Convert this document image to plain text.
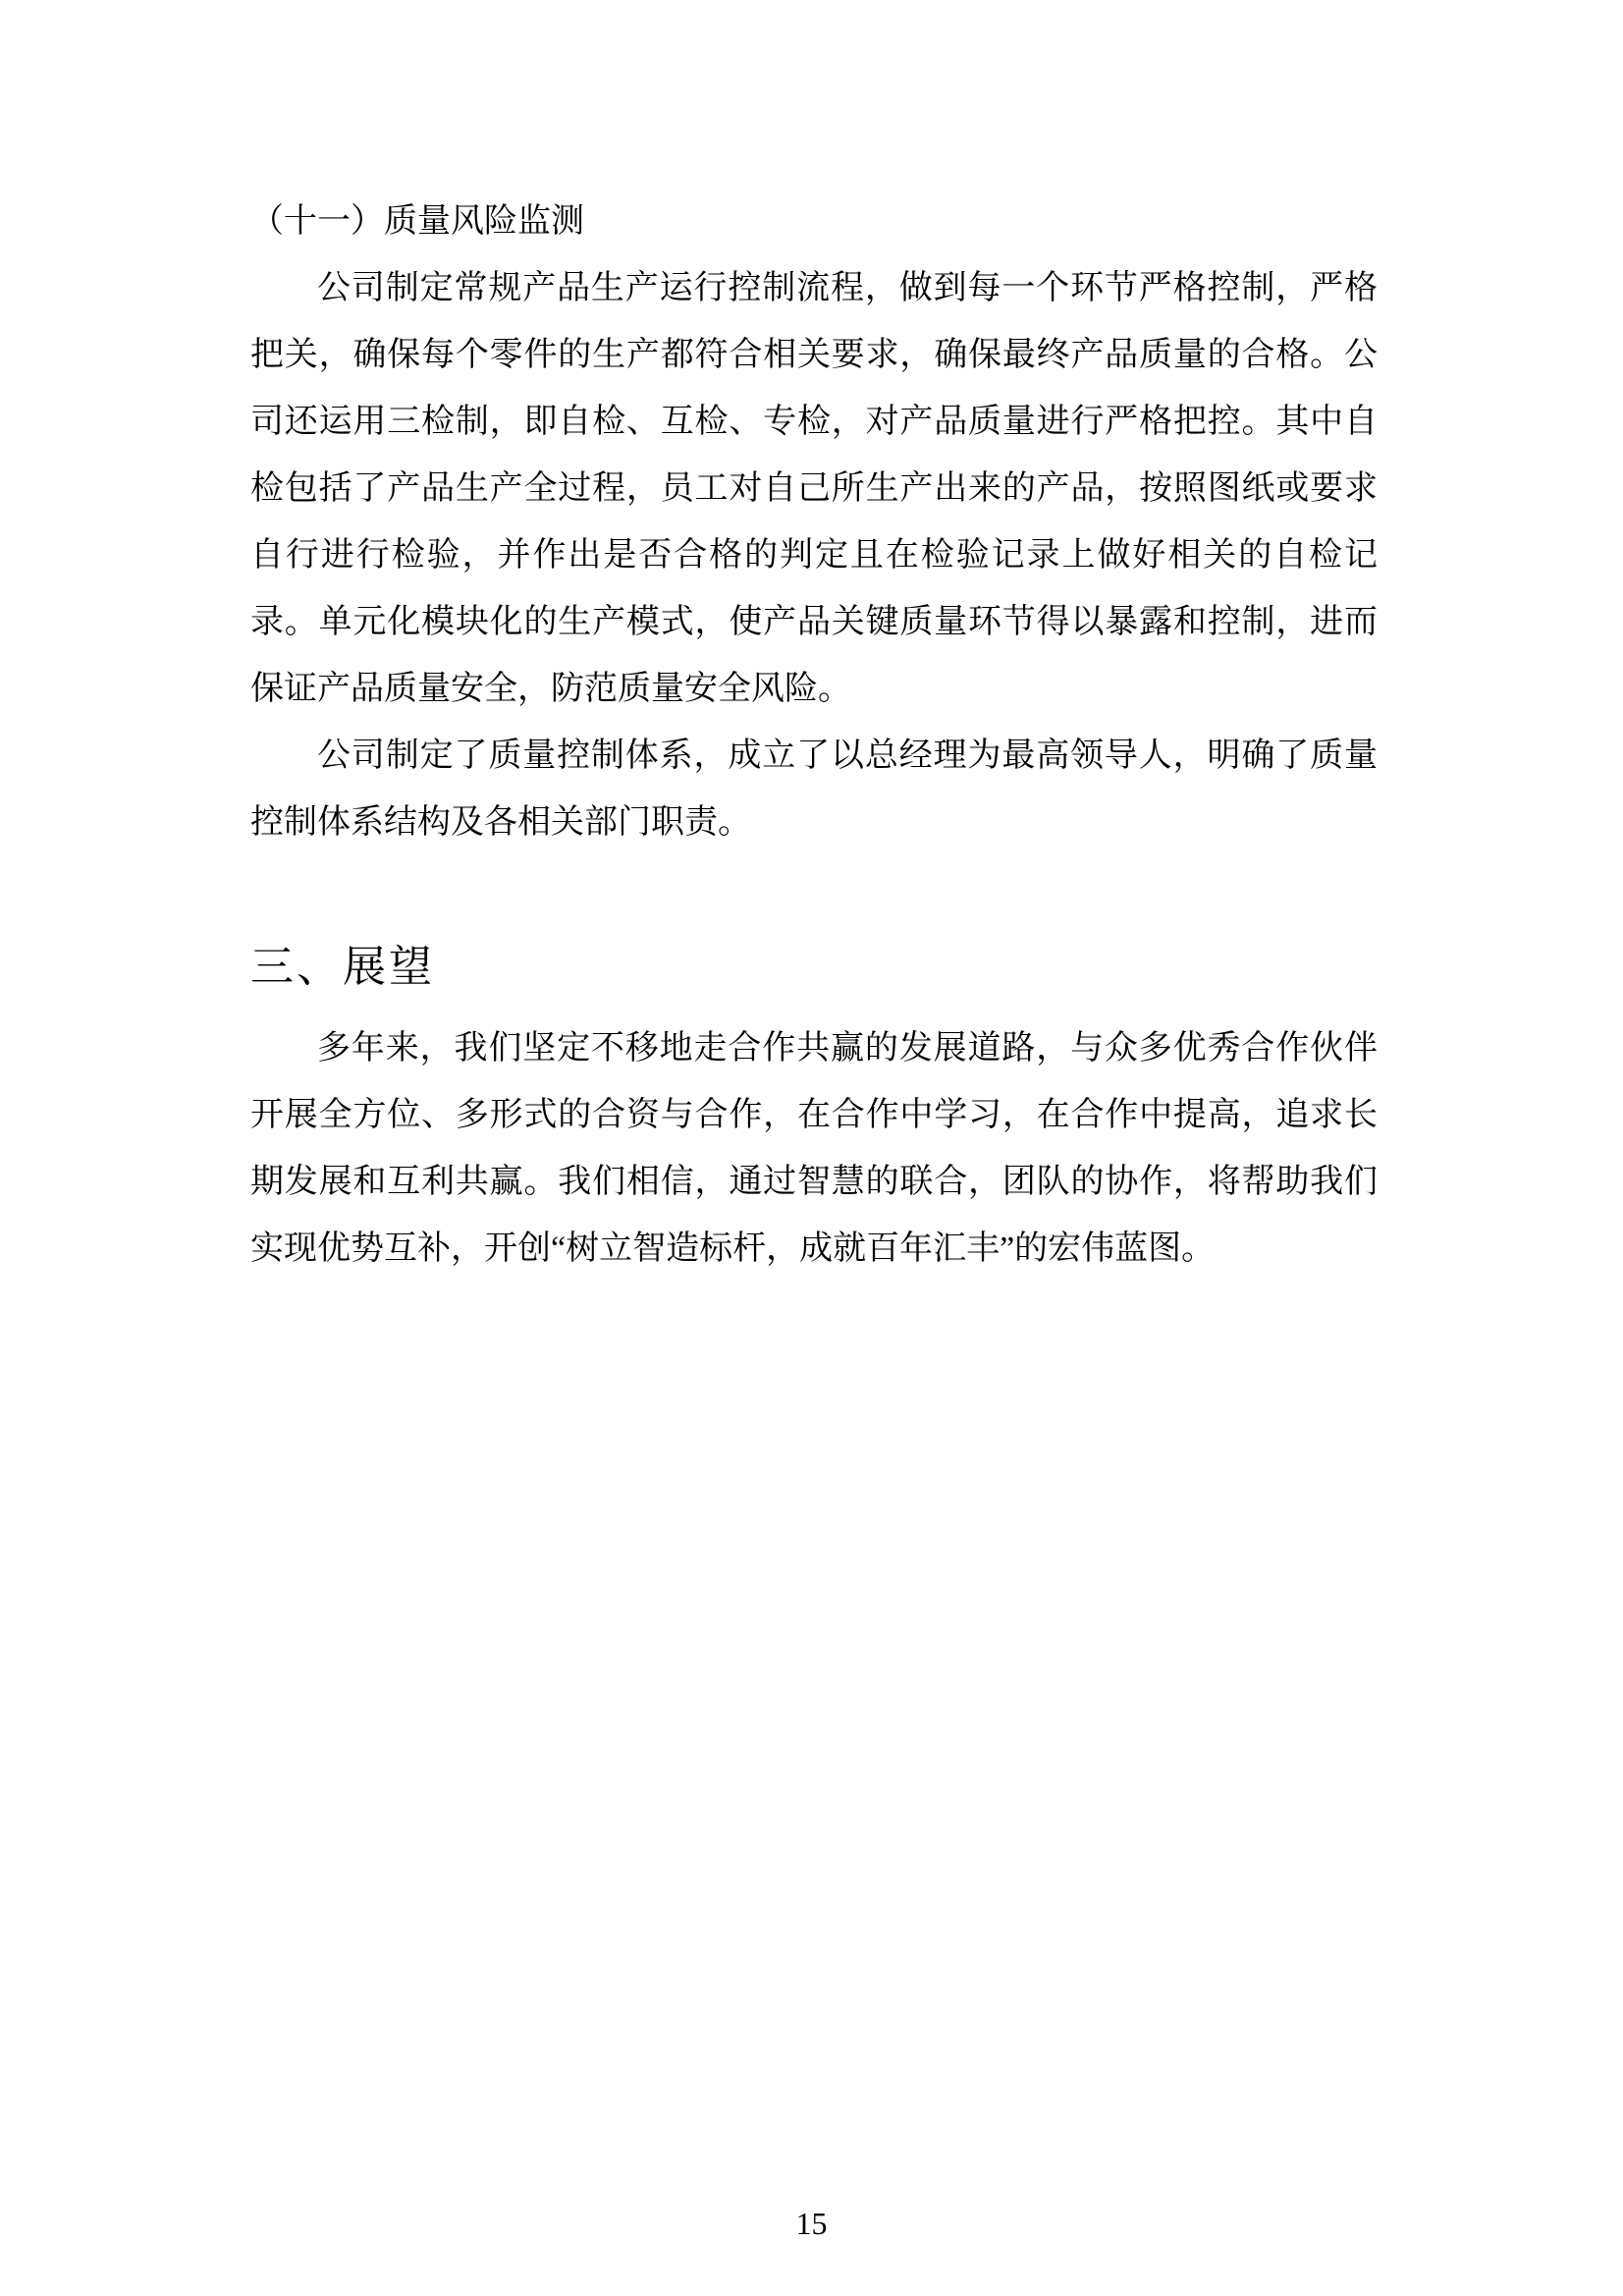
（十一）质量风险监测

公司制定常规产品生产运行控制流程，做到每一个环节严格控制，严格把关，确保每个零件的生产都符合相关要求，确保最终产品质量的合格。公司还运用三检制，即自检、互检、专检，对产品质量进行严格把控。其中自检包括了产品生产全过程，员工对自己所生产出来的产品，按照图纸或要求自行进行检验，并作出是否合格的判定且在检验记录上做好相关的自检记录。单元化模块化的生产模式，使产品关键质量环节得以暴露和控制，进而保证产品质量安全，防范质量安全风险。

公司制定了质量控制体系，成立了以总经理为最高领导人，明确了质量控制体系结构及各相关部门职责。

三、展望

多年来，我们坚定不移地走合作共赢的发展道路，与众多优秀合作伙伴开展全方位、多形式的合资与合作，在合作中学习，在合作中提高，追求长期发展和互利共赢。我们相信，通过智慧的联合，团队的协作，将帮助我们实现优势互补，开创“树立智造标杆，成就百年汇丰”的宏伟蓝图。

15
